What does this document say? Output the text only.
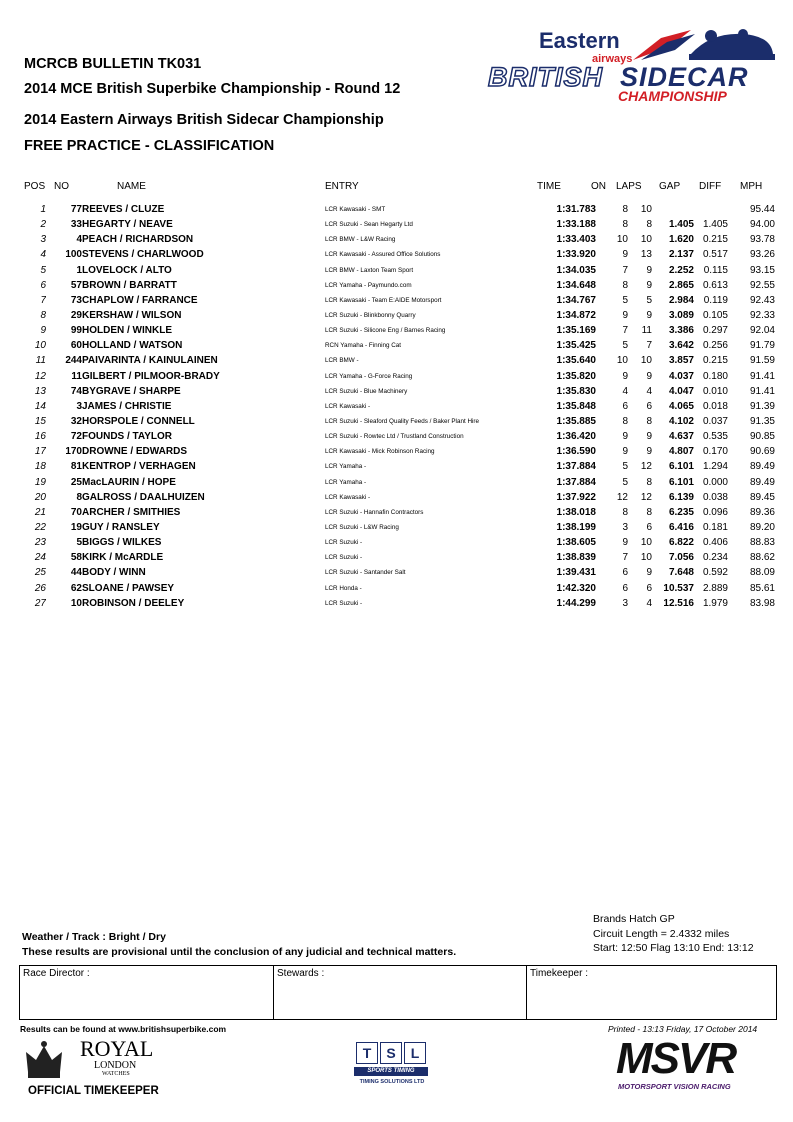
MCRCB BULLETIN TK031
2014 MCE British Superbike Championship - Round 12
2014 Eastern Airways British Sidecar Championship
FREE PRACTICE - CLASSIFICATION
Eastern
airways
BRITISH SIDECAR
CHAMPIONSHIP
POS NO	NAME	ENTRY	TIME	ON LAPS GAP DIFF MPH
1	77	REEVES / CLUZE	LCR Kawasaki - SMT	1:31.783	8	10			95.44
2	33	HEGARTY / NEAVE	LCR Suzuki - Sean Hegarty Ltd	1:33.188	8	8	1.405	1.405	94.00
3	4	PEACH / RICHARDSON	LCR BMW - L&W Racing	1:33.403	10	10	1.620	0.215	93.78
4	100	STEVENS / CHARLWOOD	LCR Kawasaki - Assured Office Solutions	1:33.920	9	13	2.137	0.517	93.26
5	1	LOVELOCK / ALTO	LCR BMW - Laxton Team Sport	1:34.035	7	9	2.252	0.115	93.15
6	57	BROWN / BARRATT	LCR Yamaha - Paymundo.com	1:34.648	8	9	2.865	0.613	92.55
7	73	CHAPLOW / FARRANCE	LCR Kawasaki - Team E:AIDE Motorsport	1:34.767	5	5	2.984	0.119	92.43
8	29	KERSHAW / WILSON	LCR Suzuki - Blinkbonny Quarry	1:34.872	9	9	3.089	0.105	92.33
9	99	HOLDEN / WINKLE	LCR Suzuki - Silicone Eng / Barnes Racing	1:35.169	7	11	3.386	0.297	92.04
10	60	HOLLAND / WATSON	RCN Yamaha - Finning Cat	1:35.425	5	7	3.642	0.256	91.79
11	244	PAIVARINTA / KAINULAINEN	LCR BMW -	1:35.640	10	10	3.857	0.215	91.59
12	11	GILBERT / PILMOOR-BRADY	LCR Yamaha - G-Force Racing	1:35.820	9	9	4.037	0.180	91.41
13	74	BYGRAVE / SHARPE	LCR Suzuki - Blue Machinery	1:35.830	4	4	4.047	0.010	91.41
14	3	JAMES / CHRISTIE	LCR Kawasaki -	1:35.848	6	6	4.065	0.018	91.39
15	32	HORSPOLE / CONNELL	LCR Suzuki - Sleaford Quality Feeds / Baker Plant Hire	1:35.885	8	8	4.102	0.037	91.35
16	72	FOUNDS / TAYLOR	LCR Suzuki - Rowtec Ltd / Trustland Construction	1:36.420	9	9	4.637	0.535	90.85
17	170	DROWNE / EDWARDS	LCR Kawasaki - Mick Robinson Racing	1:36.590	9	9	4.807	0.170	90.69
18	81	KENTROP / VERHAGEN	LCR Yamaha -	1:37.884	5	12	6.101	1.294	89.49
19	25	MacLAURIN / HOPE	LCR Yamaha -	1:37.884	5	8	6.101	0.000	89.49
20	8	GALROSS / DAALHUIZEN	LCR Kawasaki -	1:37.922	12	12	6.139	0.038	89.45
21	70	ARCHER / SMITHIES	LCR Suzuki - Hannafin Contractors	1:38.018	8	8	6.235	0.096	89.36
22	19	GUY / RANSLEY	LCR Suzuki - L&W Racing	1:38.199	3	6	6.416	0.181	89.20
23	5	BIGGS / WILKES	LCR Suzuki -	1:38.605	9	10	6.822	0.406	88.83
24	58	KIRK / McARDLE	LCR Suzuki -	1:38.839	7	10	7.056	0.234	88.62
25	44	BODY / WINN	LCR Suzuki - Santander Salt	1:39.431	6	9	7.648	0.592	88.09
26	62	SLOANE / PAWSEY	LCR Honda -	1:42.320	6	6	10.537	2.889	85.61
27	10	ROBINSON / DEELEY	LCR Suzuki -	1:44.299	3	4	12.516	1.979	83.98
Brands Hatch GP
Circuit Length = 2.4332 miles
Start: 12:50 Flag 13:10 End: 13:12
Weather / Track : Bright / Dry
These results are provisional until the conclusion of any judicial and technical matters.
Race Director :	Stewards :	Timekeeper :
Results can be found at www.britishsuperbike.com	Printed - 13:13 Friday, 17 October 2014
ROYAL
LONDON
WATCHES
OFFICIAL TIMEKEEPER
T	S	L
SPORTS TIMING
TIMING SOLUTIONS LTD	MSVR
MOTORSPORT VISION RACING
